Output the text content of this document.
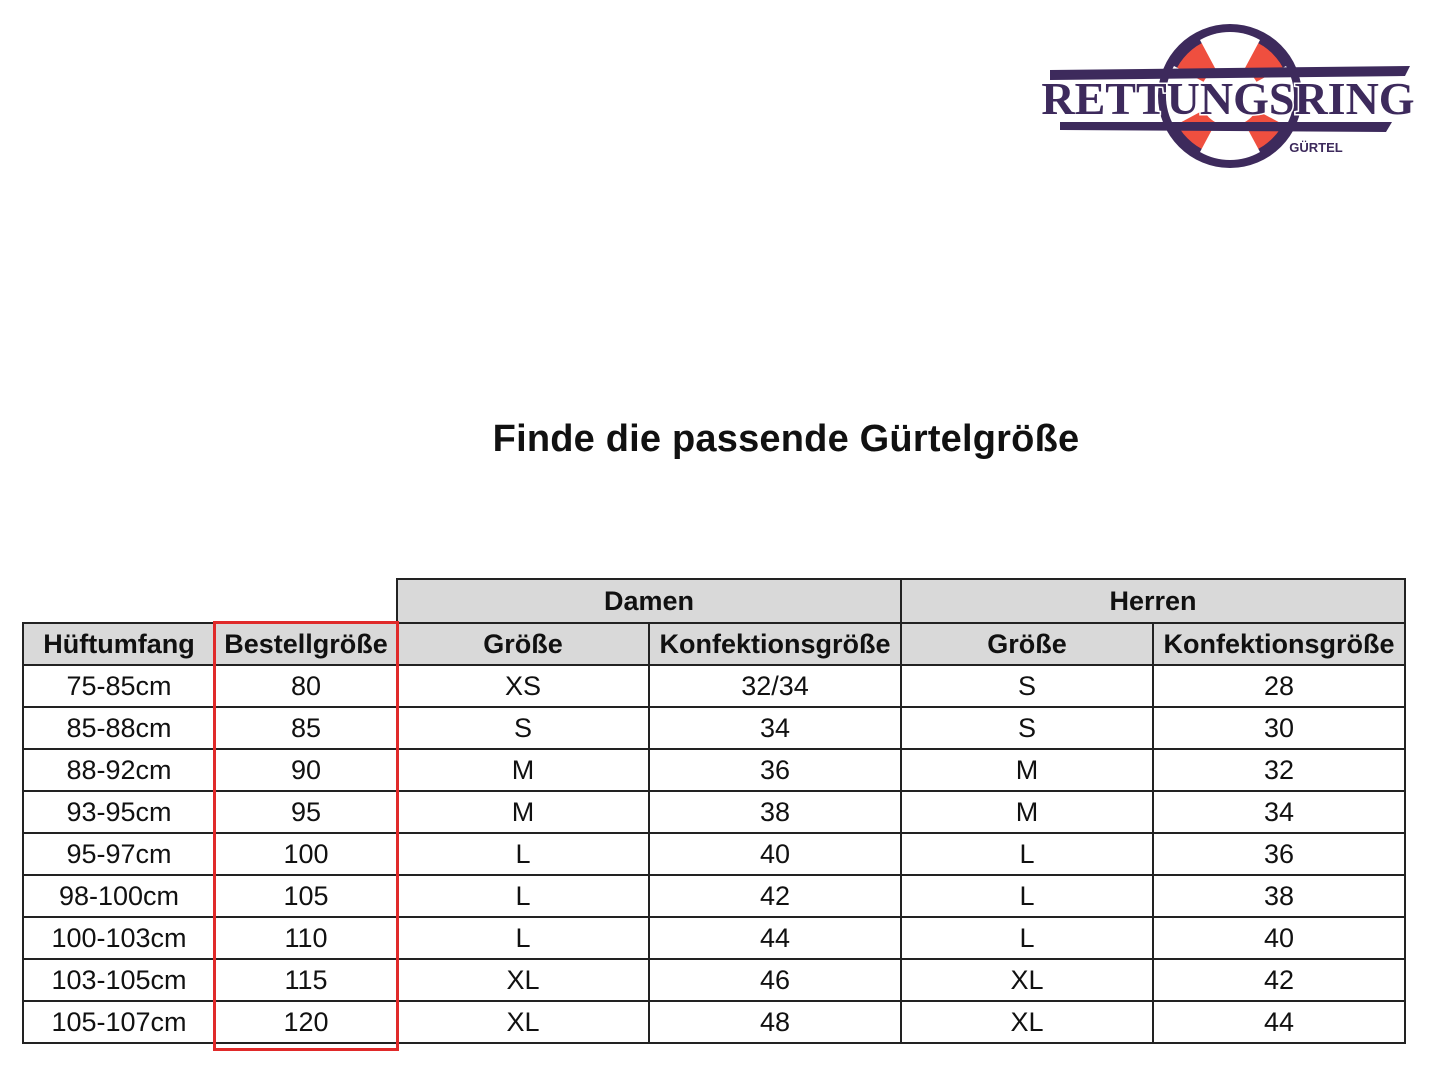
RETTUNGSRING
GÜRTEL
Finde die passende Gürtelgröße
		Damen		Herren	
Hüftumfang	Bestellgröße	Größe	Konfektionsgröße	Größe	Konfektionsgröße
75-85cm	80	XS	32/34	S	28
85-88cm	85	S	34	S	30
88-92cm	90	M	36	M	32
93-95cm	95	M	38	M	34
95-97cm	100	L	40	L	36
98-100cm	105	L	42	L	38
100-103cm	110	L	44	L	40
103-105cm	115	XL	46	XL	42
105-107cm	120	XL	48	XL	44
